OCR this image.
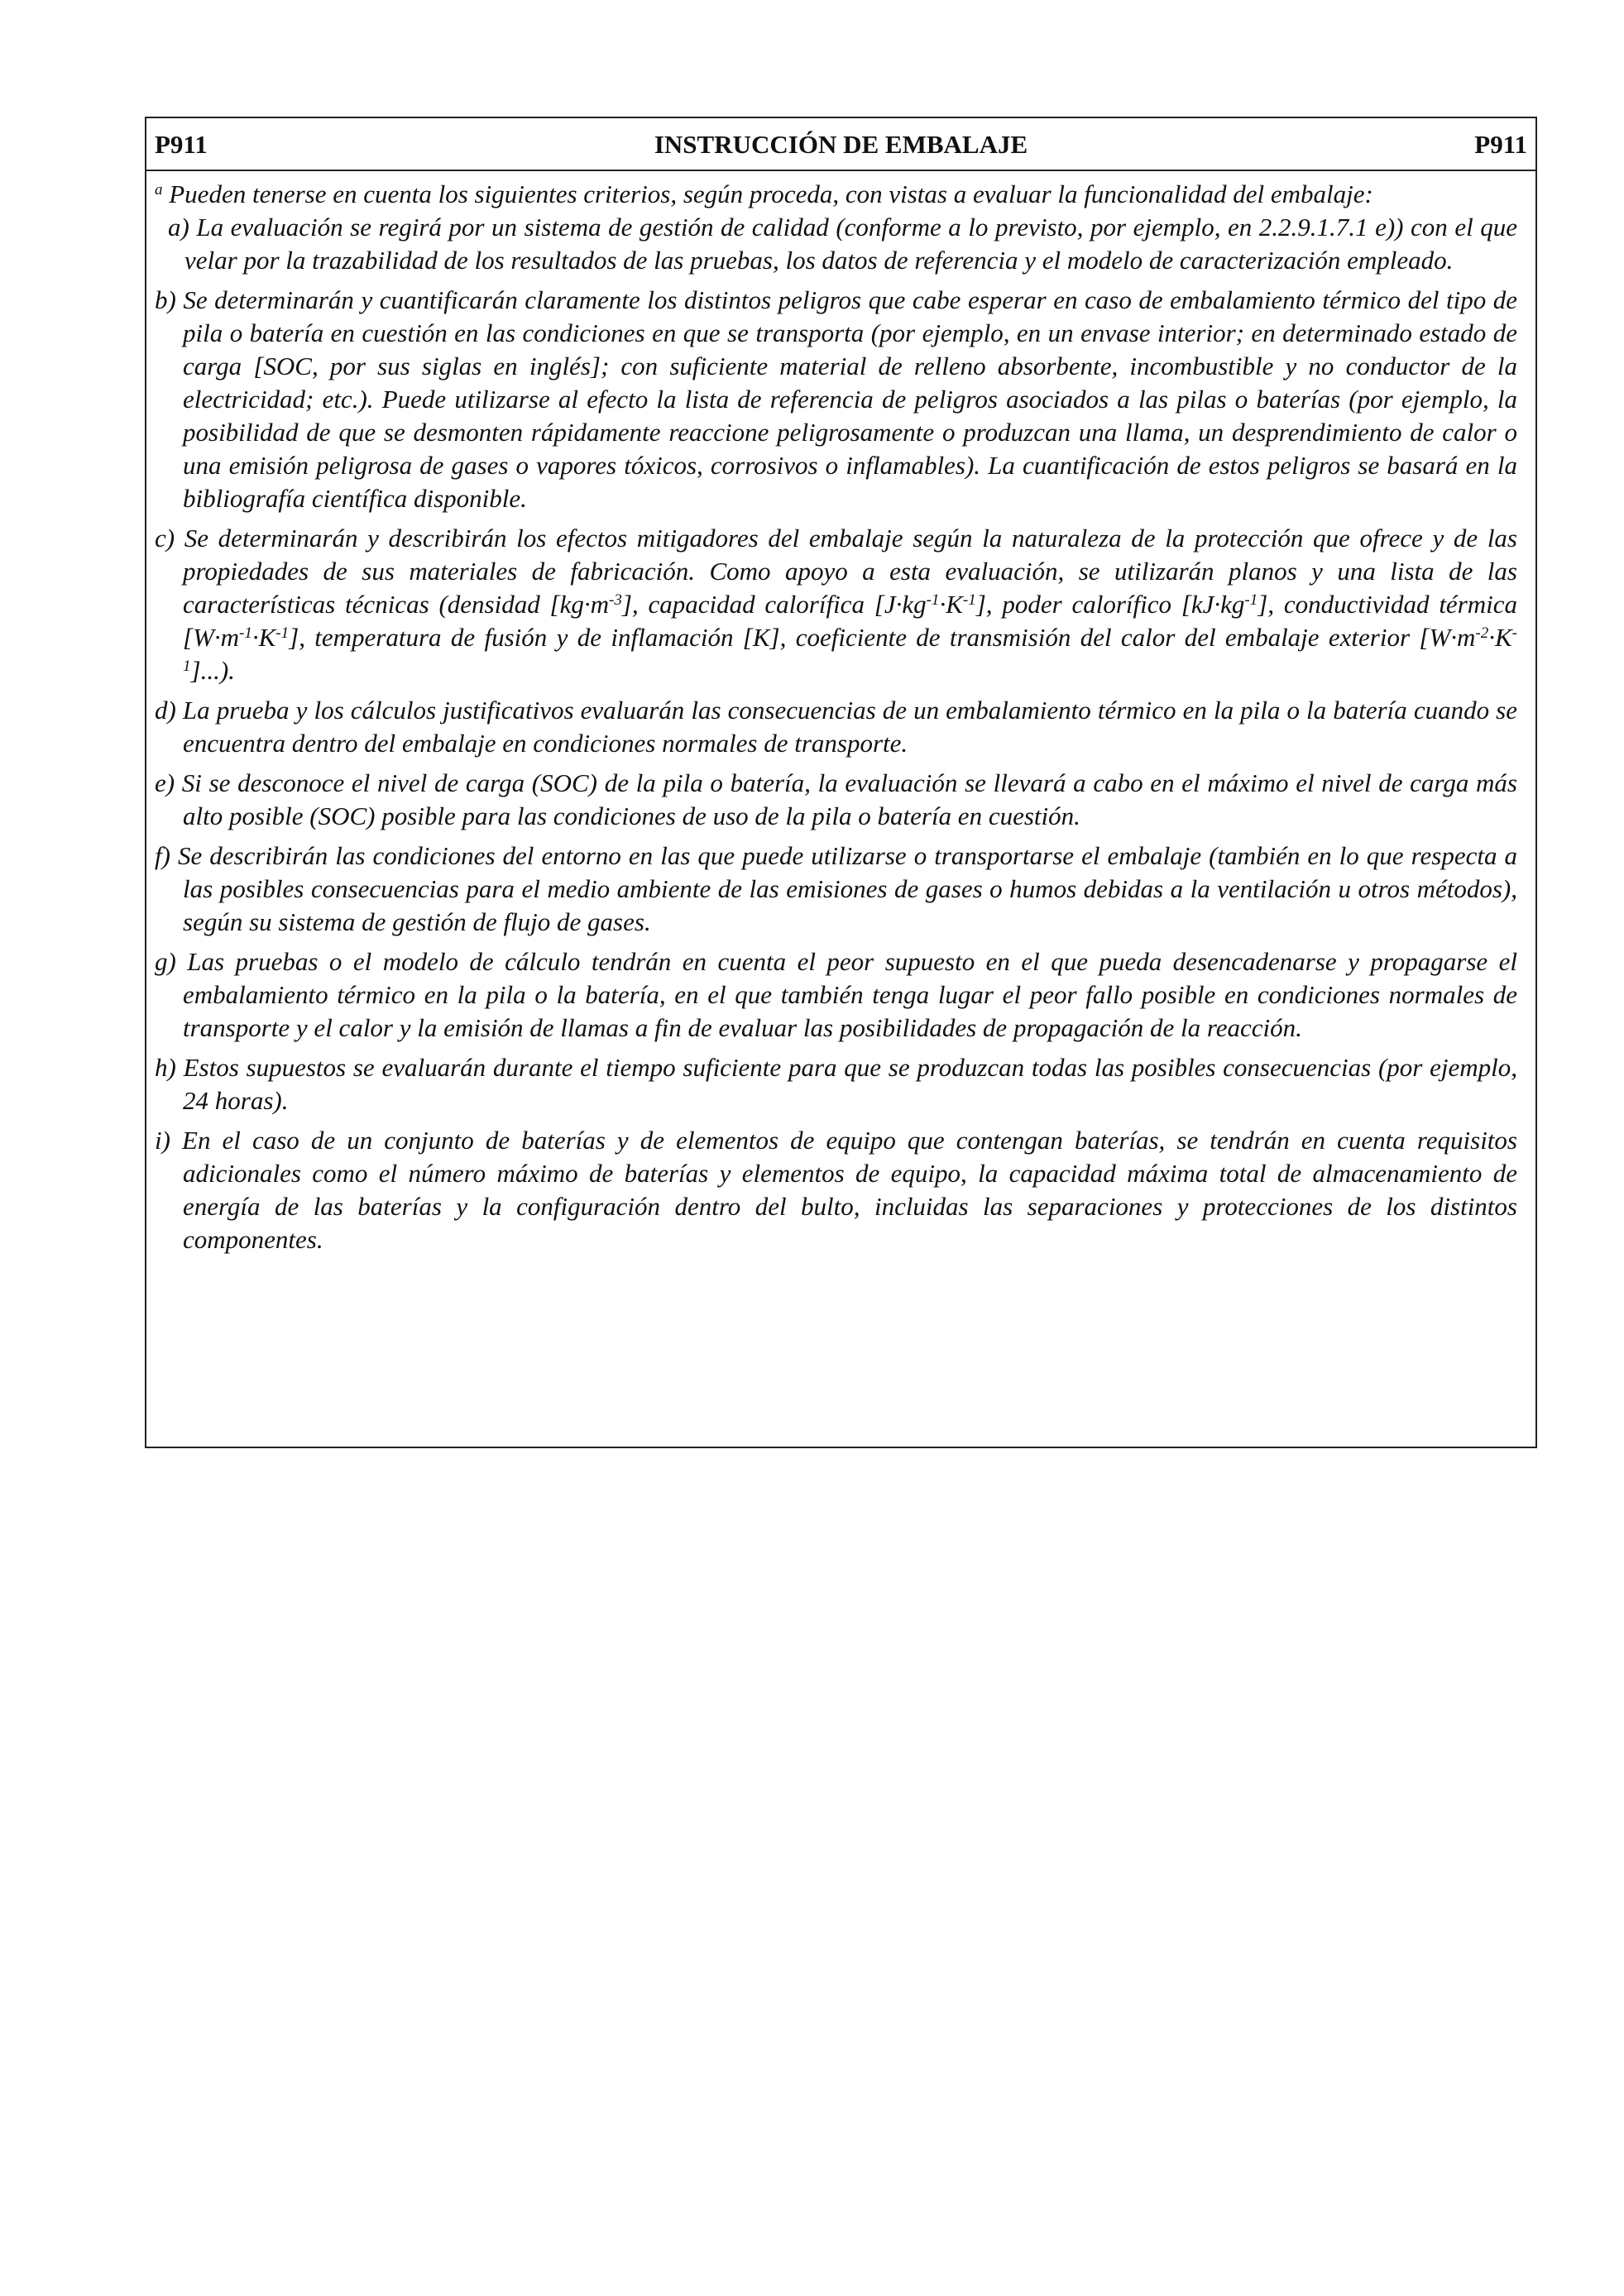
P911	INSTRUCCIÓN DE EMBALAJE	P911

$^a$ Pueden tenerse en cuenta los siguientes criterios, según proceda, con vistas a evaluar la funcionalidad del embalaje:

a) La evaluación se regirá por un sistema de gestión de calidad (conforme a lo previsto, por ejemplo, en 2.2.9.1.7.1 e)) con el que velar por la trazabilidad de los resultados de las pruebas, los datos de referencia y el modelo de caracterización empleado.

b) Se determinarán y cuantificarán claramente los distintos peligros que cabe esperar en caso de embalamiento térmico del tipo de pila o batería en cuestión en las condiciones en que se transporta (por ejemplo, en un envase interior; en determinado estado de carga [SOC, por sus siglas en inglés]; con suficiente material de relleno absorbente, incombustible y no conductor de la electricidad; etc.). Puede utilizarse al efecto la lista de referencia de peligros asociados a las pilas o baterías (por ejemplo, la posibilidad de que se desmonten rápidamente reaccione peligrosamente o produzcan una llama, un desprendimiento de calor o una emisión peligrosa de gases o vapores tóxicos, corrosivos o inflamables). La cuantificación de estos peligros se basará en la bibliografía científica disponible.

c) Se determinarán y describirán los efectos mitigadores del embalaje según la naturaleza de la protección que ofrece y de las propiedades de sus materiales de fabricación. Como apoyo a esta evaluación, se utilizarán planos y una lista de las características técnicas (densidad $[kg\cdot m^{-3}]$, capacidad calorífica $[J\cdot kg^{-1}\cdot K^{-1}]$, poder calorífico $[kJ\cdot kg^{-1}]$, conductividad térmica $[W\cdot m^{-1}\cdot K^{-1}]$, temperatura de fusión y de inflamación [K], coeficiente de transmisión del calor del embalaje exterior $[W\cdot m^{-2}\cdot K^{-1}]$...).

d) La prueba y los cálculos justificativos evaluarán las consecuencias de un embalamiento térmico en la pila o la batería cuando se encuentra dentro del embalaje en condiciones normales de transporte.

e) Si se desconoce el nivel de carga (SOC) de la pila o batería, la evaluación se llevará a cabo en el máximo el nivel de carga más alto posible (SOC) posible para las condiciones de uso de la pila o batería en cuestión.

f) Se describirán las condiciones del entorno en las que puede utilizarse o transportarse el embalaje (también en lo que respecta a las posibles consecuencias para el medio ambiente de las emisiones de gases o humos debidas a la ventilación u otros métodos), según su sistema de gestión de flujo de gases.

g) Las pruebas o el modelo de cálculo tendrán en cuenta el peor supuesto en el que pueda desencadenarse y propagarse el embalamiento térmico en la pila o la batería, en el que también tenga lugar el peor fallo posible en condiciones normales de transporte y el calor y la emisión de llamas a fin de evaluar las posibilidades de propagación de la reacción.

h) Estos supuestos se evaluarán durante el tiempo suficiente para que se produzcan todas las posibles consecuencias (por ejemplo, 24 horas).

i) En el caso de un conjunto de baterías y de elementos de equipo que contengan baterías, se tendrán en cuenta requisitos adicionales como el número máximo de baterías y elementos de equipo, la capacidad máxima total de almacenamiento de energía de las baterías y la configuración dentro del bulto, incluidas las separaciones y protecciones de los distintos componentes.
